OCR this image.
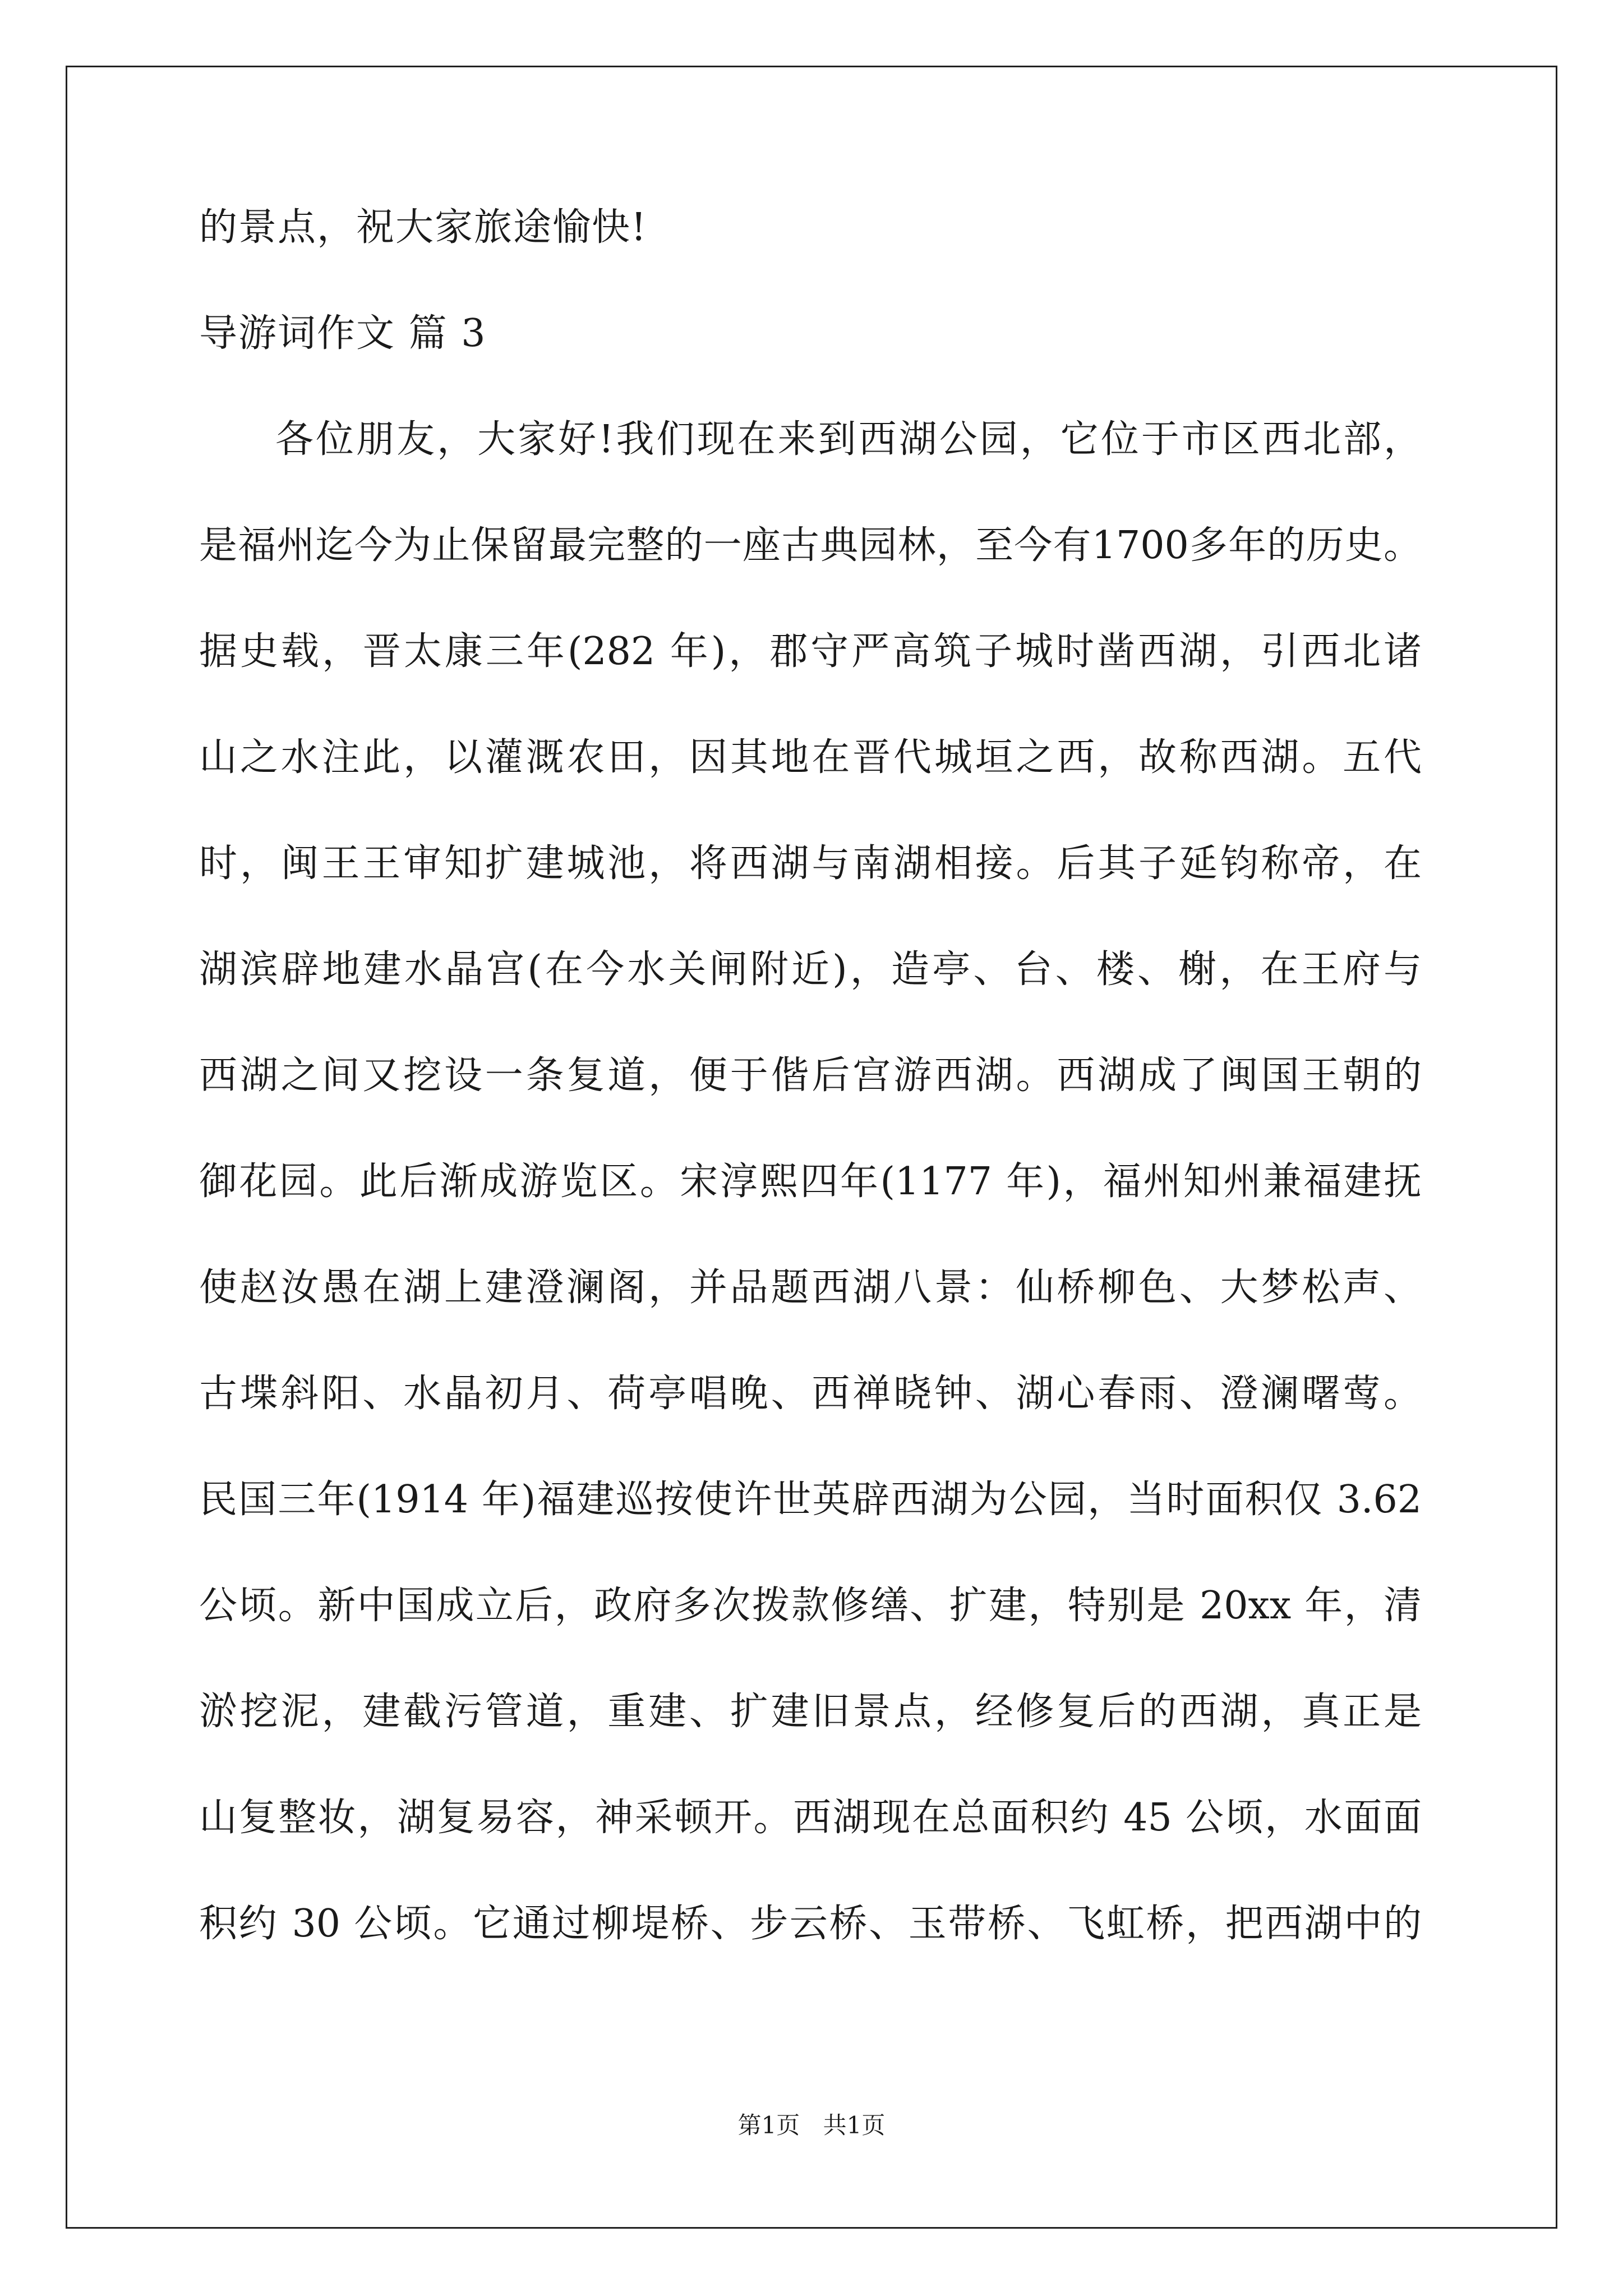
的景点，祝大家旅途愉快!
导游词作文 篇 3
各位朋友，大家好!我们现在来到西湖公园，它位于市区西北部，
是福州迄今为止保留最完整的一座古典园林，至今有1700多年的历史。
据史载，晋太康三年(282 年)，郡守严高筑子城时凿西湖，引西北诸
山之水注此，以灌溉农田，因其地在晋代城垣之西，故称西湖。五代
时，闽王王审知扩建城池，将西湖与南湖相接。后其子延钧称帝，在
湖滨辟地建水晶宫(在今水关闸附近)，造亭、台、楼、榭，在王府与
西湖之间又挖设一条复道，便于偕后宫游西湖。西湖成了闽国王朝的
御花园。此后渐成游览区。宋淳熙四年(1177 年)，福州知州兼福建抚
使赵汝愚在湖上建澄澜阁，并品题西湖八景：仙桥柳色、大梦松声、
古堞斜阳、水晶初月、荷亭唱晚、西禅晓钟、湖心春雨、澄澜曙莺。
民国三年(1914 年)福建巡按使许世英辟西湖为公园，当时面积仅 3.62
公顷。新中国成立后，政府多次拨款修缮、扩建，特别是 20xx 年，清
淤挖泥，建截污管道，重建、扩建旧景点，经修复后的西湖，真正是
山复整妆，湖复易容，神采顿开。西湖现在总面积约 45 公顷，水面面
积约 30 公顷。它通过柳堤桥、步云桥、玉带桥、飞虹桥，把西湖中的
第1页 共1页
